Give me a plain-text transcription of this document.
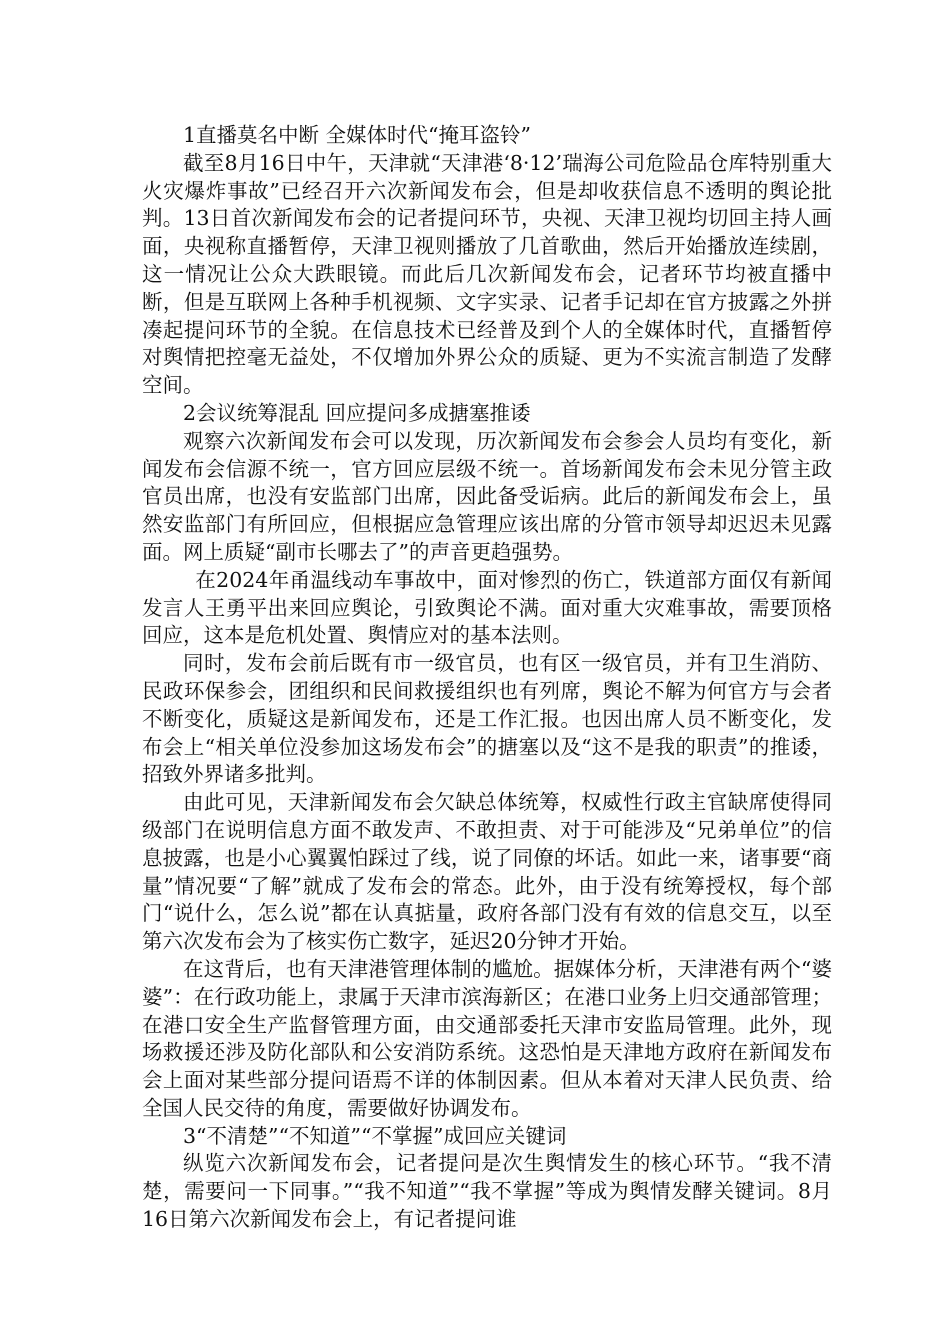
1直播莫名中断 全媒体时代“掩耳盗铃”

截至8月16日中午，天津就“天津港‘8·12’瑞海公司危险品仓库特别重大火灾爆炸事故”已经召开六次新闻发布会，但是却收获信息不透明的舆论批判。13日首次新闻发布会的记者提问环节，央视、天津卫视均切回主持人画面，央视称直播暂停，天津卫视则播放了几首歌曲，然后开始播放连续剧，这一情况让公众大跌眼镜。而此后几次新闻发布会，记者环节均被直播中断，但是互联网上各种手机视频、文字实录、记者手记却在官方披露之外拼凑起提问环节的全貌。在信息技术已经普及到个人的全媒体时代，直播暂停对舆情把控毫无益处，不仅增加外界公众的质疑、更为不实流言制造了发酵空间。

2会议统筹混乱 回应提问多成搪塞推诿

观察六次新闻发布会可以发现，历次新闻发布会参会人员均有变化，新闻发布会信源不统一，官方回应层级不统一。首场新闻发布会未见分管主政官员出席，也没有安监部门出席，因此备受诟病。此后的新闻发布会上，虽然安监部门有所回应，但根据应急管理应该出席的分管市领导却迟迟未见露面。网上质疑“副市长哪去了”的声音更趋强势。

在2024年甬温线动车事故中，面对惨烈的伤亡，铁道部方面仅有新闻发言人王勇平出来回应舆论，引致舆论不满。面对重大灾难事故，需要顶格回应，这本是危机处置、舆情应对的基本法则。

同时，发布会前后既有市一级官员，也有区一级官员，并有卫生消防、民政环保参会，团组织和民间救援组织也有列席，舆论不解为何官方与会者不断变化，质疑这是新闻发布，还是工作汇报。也因出席人员不断变化，发布会上“相关单位没参加这场发布会”的搪塞以及“这不是我的职责”的推诿，招致外界诸多批判。

由此可见，天津新闻发布会欠缺总体统筹，权威性行政主官缺席使得同级部门在说明信息方面不敢发声、不敢担责、对于可能涉及“兄弟单位”的信息披露，也是小心翼翼怕踩过了线，说了同僚的坏话。如此一来，诸事要“商量”情况要“了解”就成了发布会的常态。此外，由于没有统筹授权，每个部门“说什么，怎么说”都在认真掂量，政府各部门没有有效的信息交互，以至第六次发布会为了核实伤亡数字，延迟20分钟才开始。

在这背后，也有天津港管理体制的尴尬。据媒体分析，天津港有两个“婆婆”：在行政功能上，隶属于天津市滨海新区；在港口业务上归交通部管理；在港口安全生产监督管理方面，由交通部委托天津市安监局管理。此外，现场救援还涉及防化部队和公安消防系统。这恐怕是天津地方政府在新闻发布会上面对某些部分提问语焉不详的体制因素。但从本着对天津人民负责、给全国人民交待的角度，需要做好协调发布。

3“不清楚”“不知道”“不掌握”成回应关键词

纵览六次新闻发布会，记者提问是次生舆情发生的核心环节。“我不清楚，需要问一下同事。”“我不知道”“我不掌握”等成为舆情发酵关键词。8月16日第六次新闻发布会上，有记者提问谁
